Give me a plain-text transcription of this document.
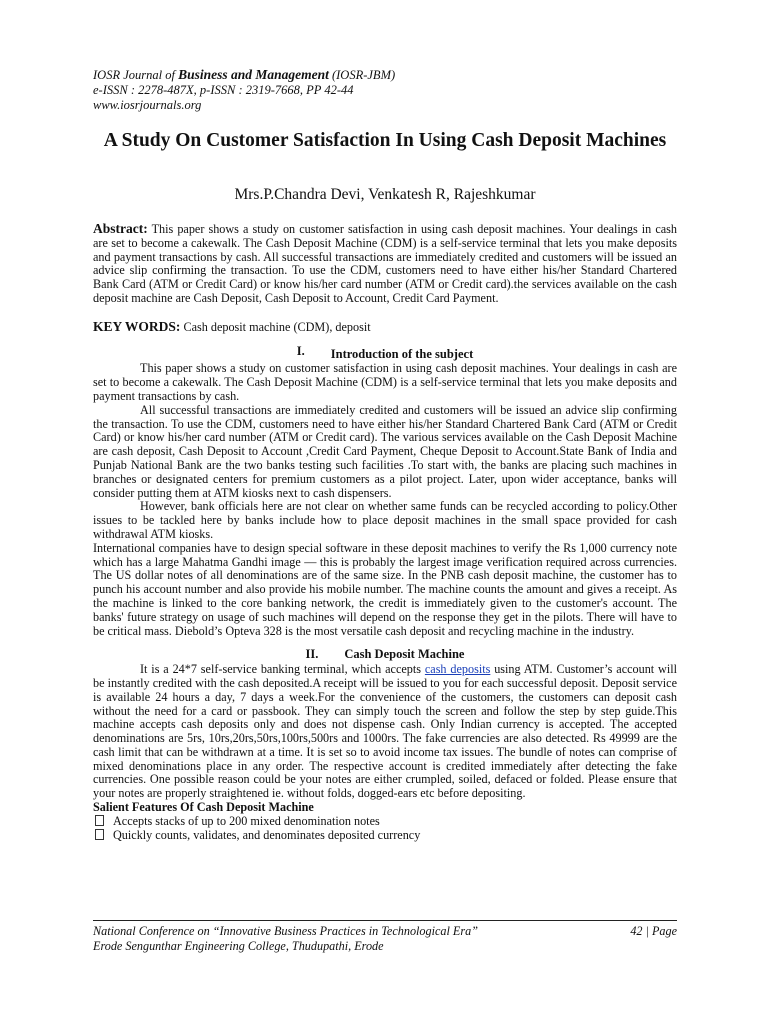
IOSR Journal of Business and Management (IOSR-JBM)
e-ISSN : 2278-487X, p-ISSN : 2319-7668, PP 42-44
www.iosrjournals.org
A Study On Customer Satisfaction In Using Cash Deposit Machines
Mrs.P.Chandra Devi, Venkatesh R, Rajeshkumar

Abstract: This paper shows a study on customer satisfaction in using cash deposit machines. Your dealings in cash are set to become a cakewalk. The Cash Deposit Machine (CDM) is a self-service terminal that lets you make deposits and payment transactions by cash. All successful transactions are immediately credited and customers will be issued an advice slip confirming the transaction. To use the CDM, customers need to have either his/her Standard Chartered Bank Card (ATM or Credit Card) or know his/her card number (ATM or Credit card).the services available on the cash deposit machine are Cash Deposit, Cash Deposit to Account, Credit Card Payment.

KEY WORDS: Cash deposit machine (CDM), deposit

I. Introduction of the subject

This paper shows a study on customer satisfaction in using cash deposit machines. Your dealings in cash are set to become a cakewalk. The Cash Deposit Machine (CDM) is a self-service terminal that lets you make deposits and payment transactions by cash.

All successful transactions are immediately credited and customers will be issued an advice slip confirming the transaction. To use the CDM, customers need to have either his/her Standard Chartered Bank Card (ATM or Credit Card) or know his/her card number (ATM or Credit card). The various services available on the Cash Deposit Machine are cash deposit, Cash Deposit to Account ,Credit Card Payment, Cheque Deposit to Account.State Bank of India and Punjab National Bank are the two banks testing such facilities .To start with, the banks are placing such machines in branches or designated centers for premium customers as a pilot project. Later, upon wider acceptance, banks will consider putting them at ATM kiosks next to cash dispensers.

However, bank officials here are not clear on whether same funds can be recycled according to policy.Other issues to be tackled here by banks include how to place deposit machines in the small space provided for cash withdrawal ATM kiosks.

International companies have to design special software in these deposit machines to verify the Rs 1,000 currency note which has a large Mahatma Gandhi image — this is probably the largest image verification required across currencies. The US dollar notes of all denominations are of the same size. In the PNB cash deposit machine, the customer has to punch his account number and also provide his mobile number. The machine counts the amount and gives a receipt. As the machine is linked to the core banking network, the credit is immediately given to the customer's account. The banks' future strategy on usage of such machines will depend on the response they get in the pilots. There will have to be critical mass. Diebold’s Opteva 328 is the most versatile cash deposit and recycling machine in the industry.

II. Cash Deposit Machine

It is a 24*7 self-service banking terminal, which accepts cash deposits using ATM. Customer’s account will be instantly credited with the cash deposited.A receipt will be issued to you for each successful deposit. Deposit service is available 24 hours a day, 7 days a week.For the convenience of the customers, the customers can deposit cash without the need for a card or passbook. They can simply touch the screen and follow the step by step guide.This machine accepts cash deposits only and does not dispense cash. Only Indian currency is accepted. The accepted denominations are 5rs, 10rs,20rs,50rs,100rs,500rs and 1000rs. The fake currencies are also detected. Rs 49999 are the cash limit that can be withdrawn at a time. It is set so to avoid income tax issues. The bundle of notes can comprise of mixed denominations place in any order. The respective account is credited immediately after detecting the fake currencies. One possible reason could be your notes are either crumpled, soiled, defaced or folded. Please ensure that your notes are properly straightened ie. without folds, dogged-ears etc before depositing.

Salient Features Of Cash Deposit Machine

Accepts stacks of up to 200 mixed denomination notes

Quickly counts, validates, and denominates deposited currency

National Conference on “Innovative Business Practices in Technological Era”	42 | Page
Erode Sengunthar Engineering College, Thudupathi, Erode
